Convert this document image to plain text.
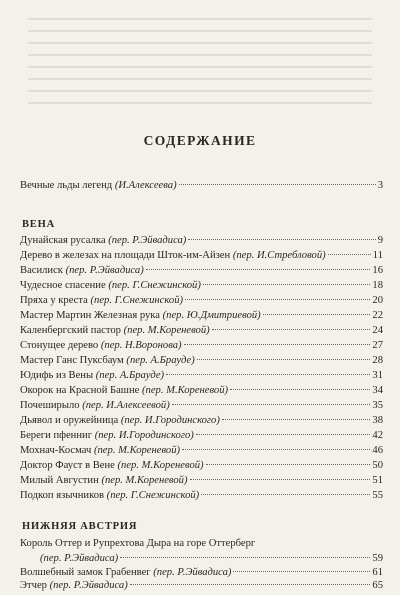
СОДЕРЖАНИЕ
Вечные льды легенд (И.Алексеева)	3
ВЕНА
Дунайская русалка (пер. Р.Эйвадиса)	9
Дерево в железах на площади Шток-им-Айзен (пер. И.Стребловой)	11
Василиск (пер. Р.Эйвадиса)	16
Чудесное спасение (пер. Г.Снежинской)	18
Пряха у креста (пер. Г.Снежинской)	20
Мастер Мартин Железная рука (пер. Ю.Дмитриевой)	22
Каленбергский пастор (пер. М.Кореневой)	24
Стонущее дерево (пер. Н.Воронова)	27
Мастер Ганс Пуксбаум (пер. А.Брауде)	28
Юдифь из Вены (пер. А.Брауде)	31
Окорок на Красной Башне (пер. М.Кореневой)	34
Почеширыло (пер. И.Алексеевой)	35
Дьявол и оружейница (пер. И.Городинского)	38
Береги пфенниг (пер. И.Городинского)	42
Мохнач-Космач (пер. М.Кореневой)	46
Доктор Фауст в Вене (пер. М.Кореневой)	50
Милый Августин (пер. М.Кореневой)	51
Подкоп язычников (пер. Г.Снежинской)	55
НИЖНЯЯ АВСТРИЯ
Король Оттер и Рупрехтова Дыра на горе Оттерберг
(пер. Р.Эйвадиса)	59
Волшебный замок Грабенвег (пер. Р.Эйвадиса)	61
Этчер (пер. Р.Эйвадиса)	65
